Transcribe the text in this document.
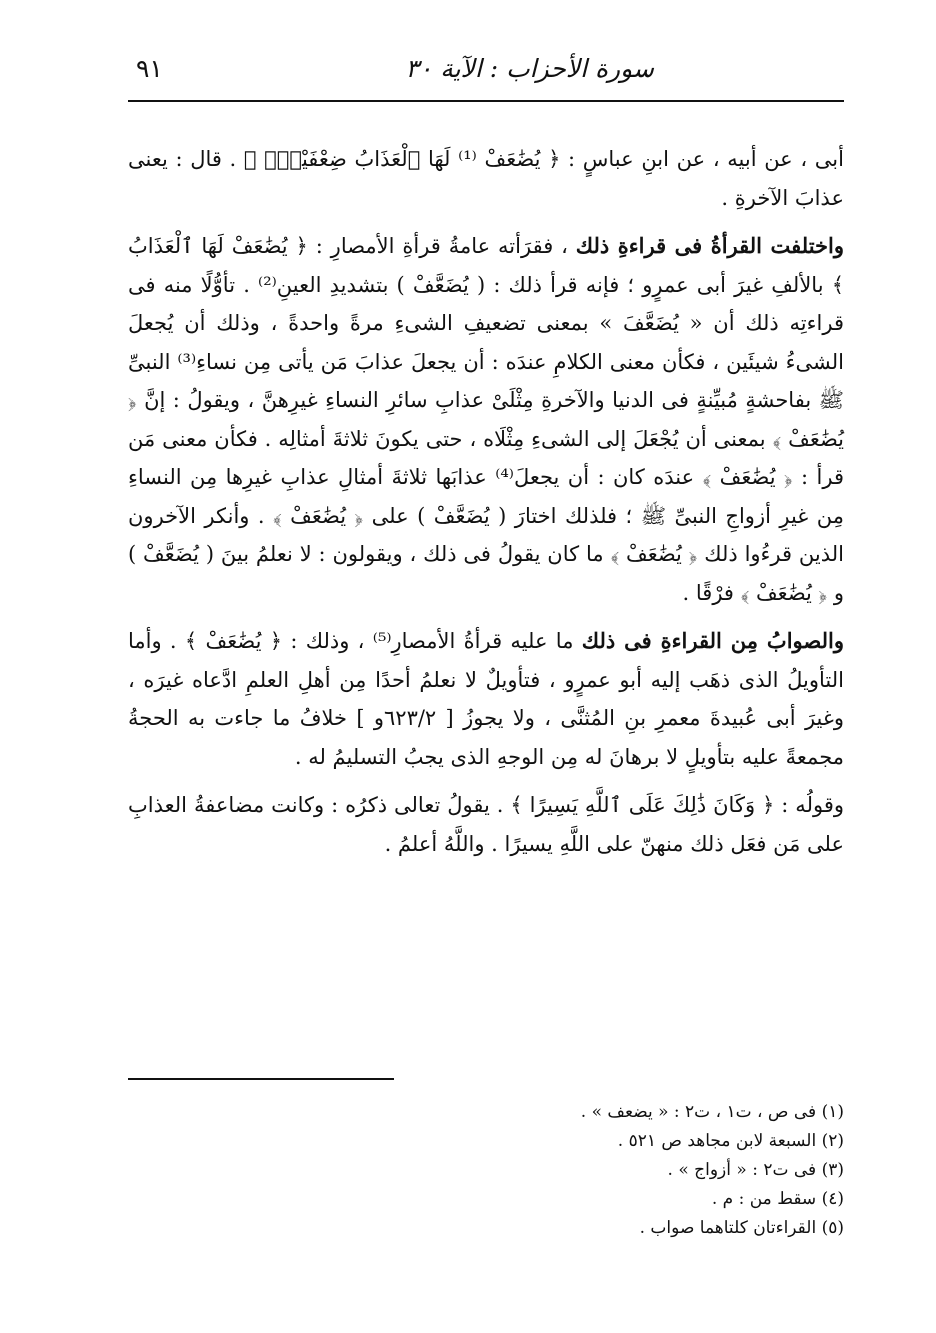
سورة الأحزاب : الآية ٣٠
٩١

أبى ، عن أبيه ، عن ابنِ عباسٍ : ﴿ يُضَٰعَفْ ⁽¹⁾ لَهَا ٱلْعَذَابُ ضِعْفَيْنِۚ ﴾ . قال : يعنى عذابَ الآخرةِ .

واختلفت القرأةُ فى قراءةِ ذلك ، فقرَأته عامةُ قرأةِ الأمصارِ : ﴿ يُضَٰعَفْ لَهَا ٱلْعَذَابُ ﴾ بالألفِ غيرَ أبى عمرٍو ؛ فإنه قرأ ذلك : ( يُضَعَّفْ ) بتشديدِ العينِ⁽²⁾ . تأوُّلًا منه فى قراءتِه ذلك أن « يُضَعَّفَ » بمعنى تضعيفِ الشىءِ مرةً واحدةً ، وذلك أن يُجعلَ الشىءُ شيئَين ، فكأن معنى الكلامِ عندَه : أن يجعلَ عذابَ مَن يأتى مِن نساءِ⁽³⁾ النبىِّ ﷺ بفاحشةٍ مُبيِّنةٍ فى الدنيا والآخرةِ مِثْلَىْ عذابِ سائرِ النساءِ غيرِهنَّ ، ويقولُ : إنَّ ﴿ يُضَٰعَفْ ﴾ بمعنى أن يُجْعَلَ إلى الشىءِ مِثْلَاه ، حتى يكونَ ثلاثةَ أمثالِه . فكأن معنى مَن قرأ : ﴿ يُضَٰعَفْ ﴾ عندَه كان : أن يجعلَ⁽⁴⁾ عذابَها ثلاثةَ أمثالِ عذابِ غيرِها مِن النساءِ مِن غيرِ أزواجِ النبىِّ ﷺ ؛ فلذلك اختارَ ( يُضَعَّفْ ) على ﴿ يُضَٰعَفْ ﴾ . وأنكر الآخرون الذين قرءُوا ذلك ﴿ يُضَٰعَفْ ﴾ ما كان يقولُ فى ذلك ، ويقولون : لا نعلمُ بينَ ( يُضَعَّفْ ) و ﴿ يُضَٰعَفْ ﴾ فرْقًا .

والصوابُ مِن القراءةِ فى ذلك ما عليه قرأةُ الأمصارِ⁽⁵⁾ ، وذلك : ﴿ يُضَٰعَفْ ﴾ . وأما التأويلُ الذى ذهَب إليه أبو عمرٍو ، فتأويلٌ لا نعلمُ أحدًا مِن أهلِ العلمِ ادَّعاه غيرَه ، وغيرَ أبى عُبيدةَ معمرِ بنِ المُثنَّى ، ولا يجوزُ [ ٦٢٣/٢و ] خلافُ ما جاءت به الحجةُ مجمعةً عليه بتأويلٍ لا برهانَ له مِن الوجهِ الذى يجبُ التسليمُ له .

وقولُه : ﴿ وَكَانَ ذَٰلِكَ عَلَى ٱللَّهِ يَسِيرًا ﴾ . يقولُ تعالى ذكرُه : وكانت مضاعفةُ العذابِ على مَن فعَل ذلك منهنّ على اللَّهِ يسيرًا . واللَّهُ أعلمُ .

(١) فى ص ، ت١ ، ت٢ : « يضعف » .
(٢) السبعة لابن مجاهد ص ٥٢١ .
(٣) فى ت٢ : « أزواج » .
(٤) سقط من : م .
(٥) القراءتان كلتاهما صواب .
